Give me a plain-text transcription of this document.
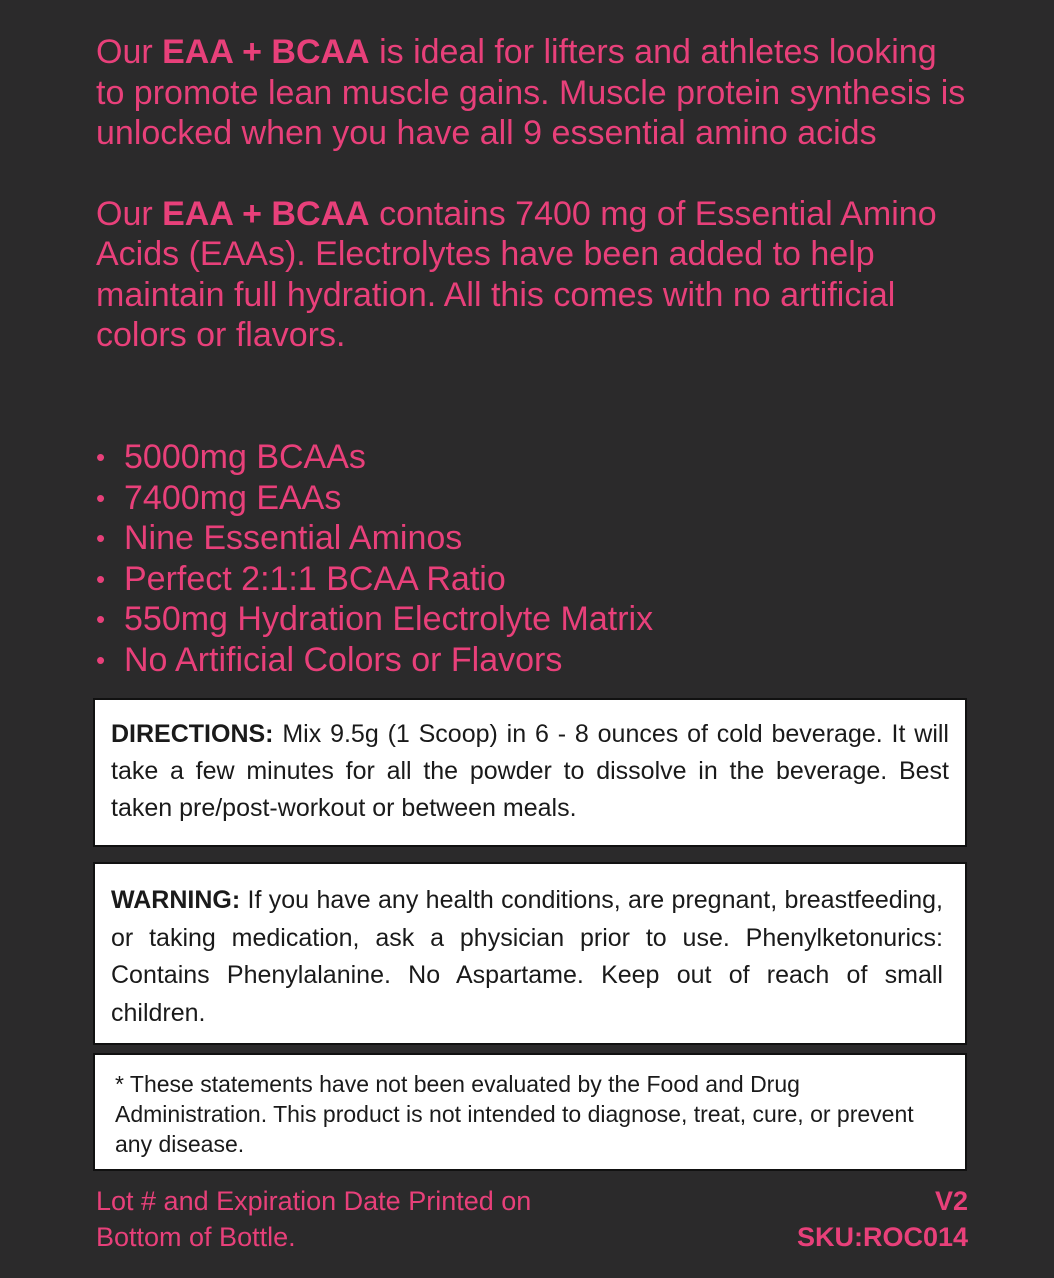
Our EAA + BCAA is ideal for lifters and athletes looking to promote lean muscle gains. Muscle protein synthesis is unlocked when you have all 9 essential amino acids

Our EAA + BCAA contains 7400 mg of Essential Amino Acids (EAAs). Electrolytes have been added to help maintain full hydration. All this comes with no artificial colors or flavors.

• 5000mg BCAAs
• 7400mg EAAs
• Nine Essential Aminos
• Perfect 2:1:1 BCAA Ratio
• 550mg Hydration Electrolyte Matrix
• No Artificial Colors or Flavors
DIRECTIONS: Mix 9.5g (1 Scoop) in 6 - 8 ounces of cold beverage. It will take a few minutes for all the powder to dissolve in the beverage. Best taken pre/post-workout or between meals.
WARNING: If you have any health conditions, are pregnant, breastfeeding, or taking medication, ask a physician prior to use. Phenylketonurics: Contains Phenylalanine. No Aspartame. Keep out of reach of small children.
* These statements have not been evaluated by the Food and Drug Administration. This product is not intended to diagnose, treat, cure, or prevent any disease.
Lot # and Expiration Date Printed on
Bottom of Bottle.
V2
SKU:ROC014
